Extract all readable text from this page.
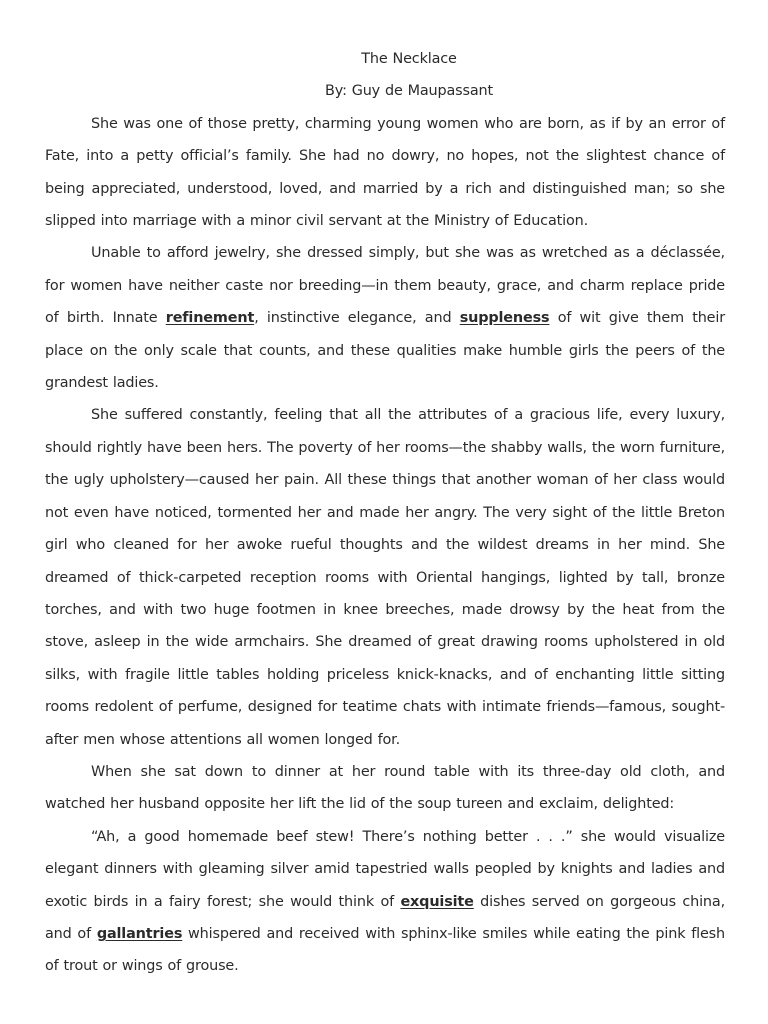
The Necklace
By: Guy de Maupassant

She was one of those pretty, charming young women who are born, as if by an error of Fate, into a petty official’s family. She had no dowry, no hopes, not the slightest chance of being appreciated, understood, loved, and married by a rich and distinguished man; so she slipped into marriage with a minor civil servant at the Ministry of Education.

Unable to afford jewelry, she dressed simply, but she was as wretched as a déclassée, for women have neither caste nor breeding—in them beauty, grace, and charm replace pride of birth. Innate refinement, instinctive elegance, and suppleness of wit give them their place on the only scale that counts, and these qualities make humble girls the peers of the grandest ladies.

She suffered constantly, feeling that all the attributes of a gracious life, every luxury, should rightly have been hers. The poverty of her rooms—the shabby walls, the worn furniture, the ugly upholstery—caused her pain. All these things that another woman of her class would not even have noticed, tormented her and made her angry. The very sight of the little Breton girl who cleaned for her awoke rueful thoughts and the wildest dreams in her mind. She dreamed of thick-carpeted reception rooms with Oriental hangings, lighted by tall, bronze torches, and with two huge footmen in knee breeches, made drowsy by the heat from the stove, asleep in the wide armchairs. She dreamed of great drawing rooms upholstered in old silks, with fragile little tables holding priceless knick-knacks, and of enchanting little sitting rooms redolent of perfume, designed for teatime chats with intimate friends—famous, sought-after men whose attentions all women longed for.

When she sat down to dinner at her round table with its three-day old cloth, and watched her husband opposite her lift the lid of the soup tureen and exclaim, delighted:

“Ah, a good homemade beef stew! There’s nothing better . . .” she would visualize elegant dinners with gleaming silver amid tapestried walls peopled by knights and ladies and exotic birds in a fairy forest; she would think of exquisite dishes served on gorgeous china, and of gallantries whispered and received with sphinx-like smiles while eating the pink flesh of trout or wings of grouse.
